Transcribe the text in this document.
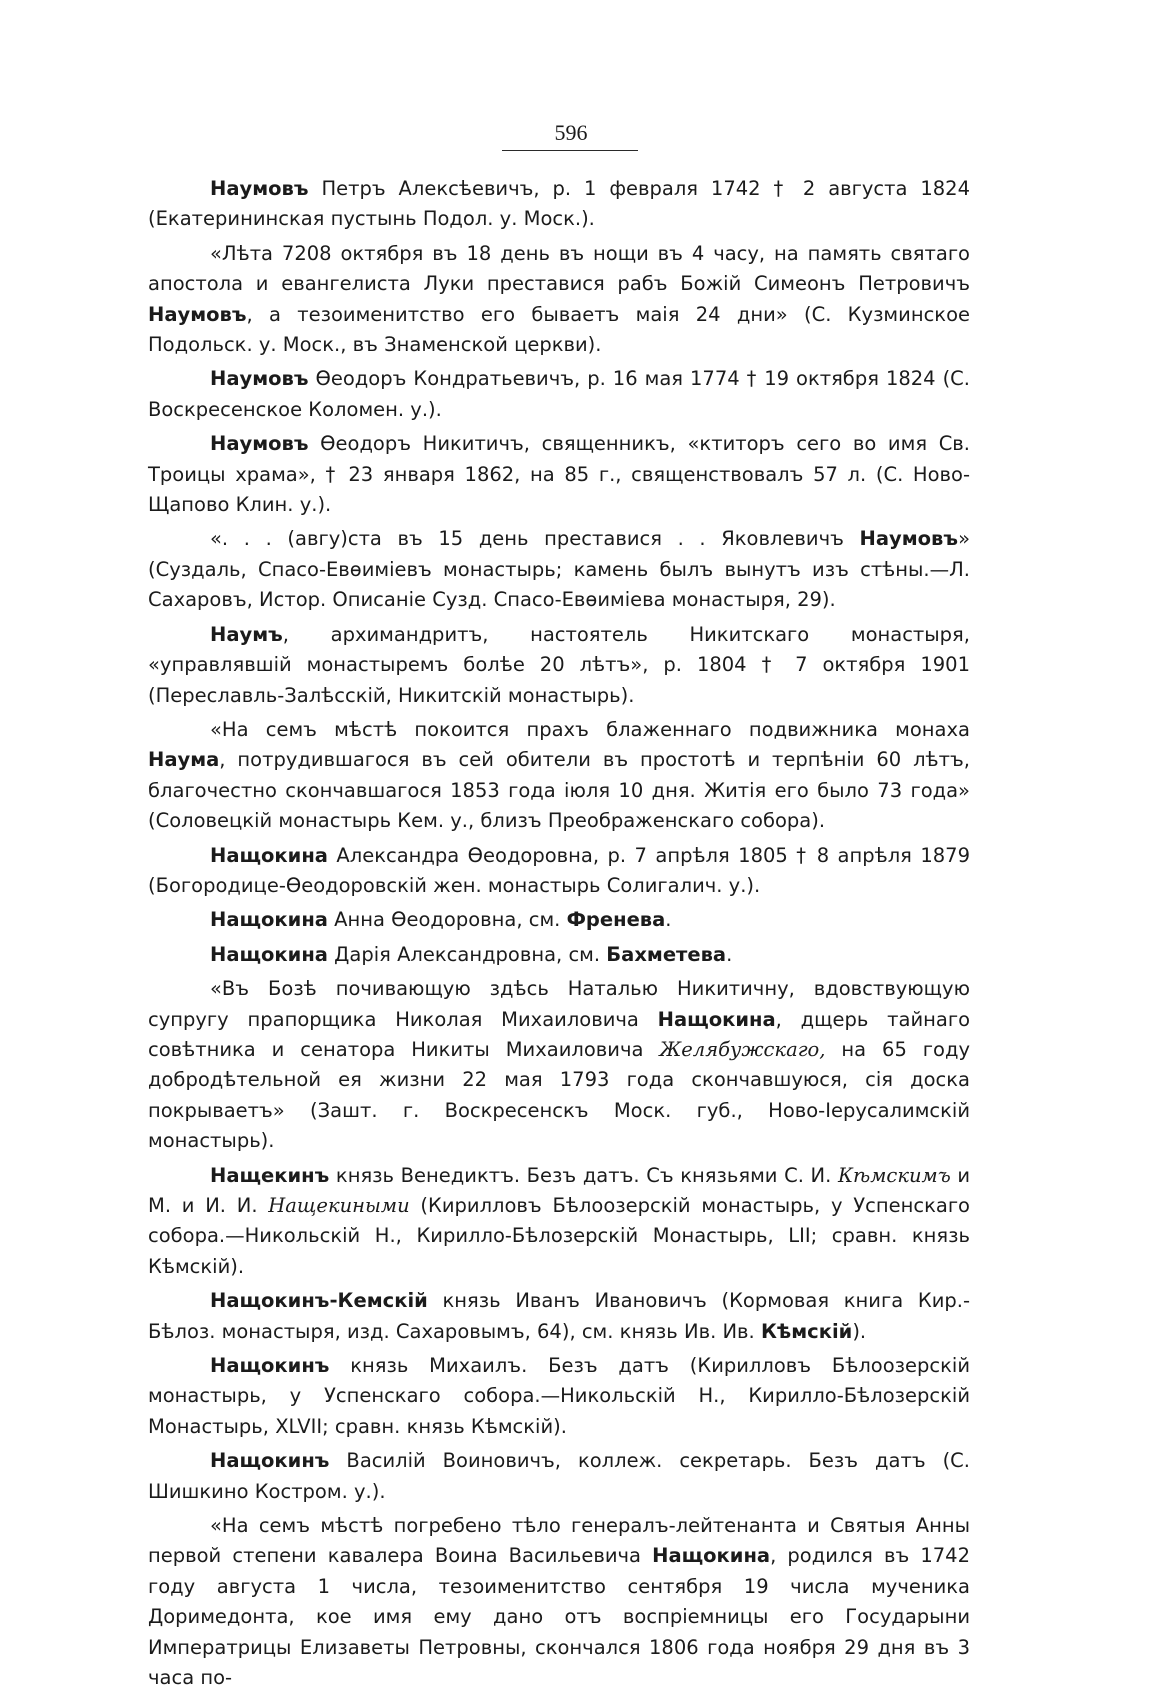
596

Наумовъ Петръ Алексѣевичъ, р. 1 февраля 1742 † 2 августа 1824 (Екатерининская пустынь Подол. у. Моск.).

«Лѣта 7208 октября въ 18 день въ нощи въ 4 часу, на память святаго апостола и евангелиста Луки преставися рабъ Божій Симеонъ Петровичъ Наумовъ, а тезоименитство его бываетъ маія 24 дни» (С. Кузминское Подольск. у. Моск., въ Знаменской церкви).

Наумовъ Ѳеодоръ Кондратьевичъ, р. 16 мая 1774 † 19 октября 1824 (С. Воскресенское Коломен. у.).

Наумовъ Ѳеодоръ Никитичъ, священникъ, «ктиторъ сего во имя Св. Троицы храма», † 23 января 1862, на 85 г., священствовалъ 57 л. (С. Ново-Щапово Клин. у.).

«. . . (авгу)ста въ 15 день преставися . . Яковлевичъ Наумовъ» (Суздаль, Спасо-Евѳиміевъ монастырь; камень былъ вынутъ изъ стѣны.—Л. Сахаровъ, Истор. Описаніе Сузд. Спасо-Евѳиміева монастыря, 29).

Наумъ, архимандритъ, настоятель Никитскаго монастыря, «управлявшій монастыремъ болѣе 20 лѣтъ», р. 1804 † 7 октября 1901 (Переславль-Залѣсскій, Никитскій монастырь).

«На семъ мѣстѣ покоится прахъ блаженнаго подвижника монаха Наума, потрудившагося въ сей обители въ простотѣ и терпѣніи 60 лѣтъ, благочестно скончавшагося 1853 года іюля 10 дня. Житія его было 73 года» (Соловецкій монастырь Кем. у., близъ Преображенскаго собора).

Нащокина Александра Ѳеодоровна, р. 7 апрѣля 1805 † 8 апрѣля 1879 (Богородице-Ѳеодоровскій жен. монастырь Солигалич. у.).

Нащокина Анна Ѳеодоровна, см. Френева.

Нащокина Дарія Александровна, см. Бахметева.

«Въ Бозѣ почивающую здѣсь Наталью Никитичну, вдовствующую супругу прапорщика Николая Михаиловича Нащокина, дщерь тайнаго совѣтника и сенатора Никиты Михаиловича Желябужскаго, на 65 году добродѣтельной ея жизни 22 мая 1793 года скончавшуюся, сія доска покрываетъ» (Зашт. г. Воскресенскъ Моск. губ., Ново-Іерусалимскій монастырь).

Нащекинъ князь Венедиктъ. Безъ датъ. Съ князьями С. И. Кѣмскимъ и М. и И. И. Нащекиными (Кирилловъ Бѣлоозерскій монастырь, у Успенскаго собора.—Никольскій Н., Кирилло-Бѣлозерскій Монастырь, LII; сравн. князь Кѣмскій).

Нащокинъ-Кемскій князь Иванъ Ивановичъ (Кормовая книга Кир.-Бѣлоз. монастыря, изд. Сахаровымъ, 64), см. князь Ив. Ив. Кѣмскій).

Нащокинъ князь Михаилъ. Безъ датъ (Кирилловъ Бѣлоозерскій монастырь, у Успенскаго собора.—Никольскій Н., Кирилло-Бѣлозерскій Монастырь, XLVII; сравн. князь Кѣмскій).

Нащокинъ Василій Воиновичъ, коллеж. секретарь. Безъ датъ (С. Шишкино Костром. у.).

«На семъ мѣстѣ погребено тѣло генералъ-лейтенанта и Святыя Анны первой степени кавалера Воина Васильевича Нащокина, родился въ 1742 году августа 1 числа, тезоименитство сентября 19 числа мученика Доримедонта, кое имя ему дано отъ воспріемницы его Государыни Императрицы Елизаветы Петровны, скончался 1806 года ноября 29 дня въ 3 часа по-
